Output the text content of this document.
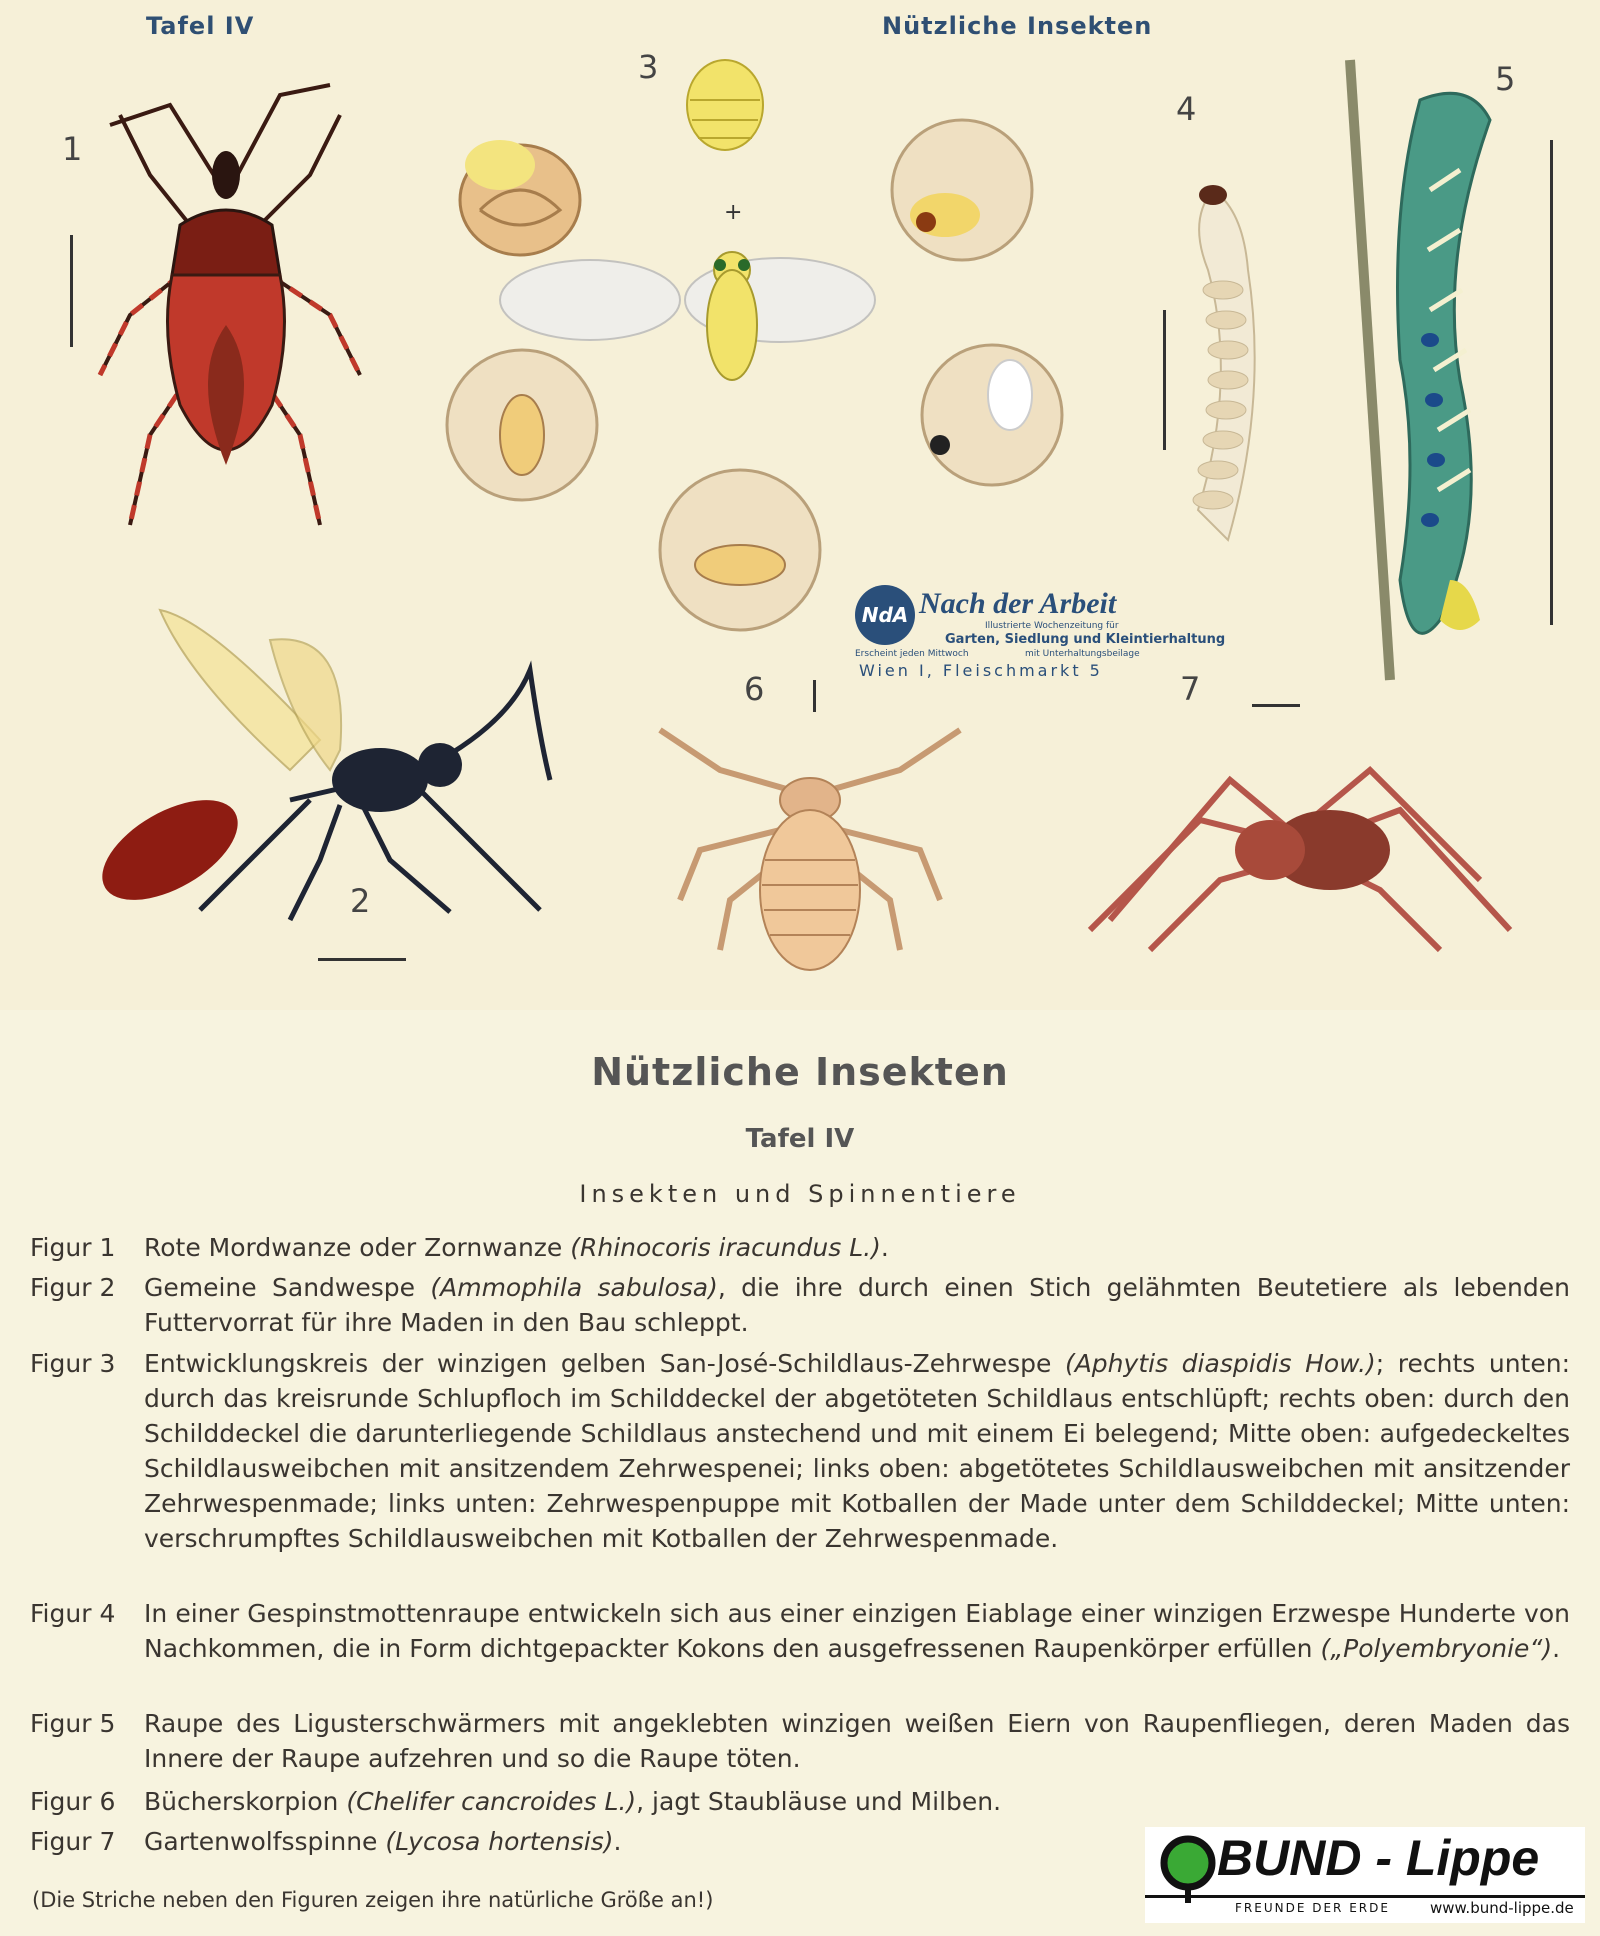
Tafel IV	Nützliche Insekten
1
2
3
4
5
6	7
+
NdA Nach der Arbeit
Illustrierte Wochenzeitung für
Garten, Siedlung und Kleintierhaltung
Erscheint jeden Mittwoch	mit Unterhaltungsbeilage
Wien I, Fleischmarkt 5
Nützliche Insekten
Tafel IV
Insekten und Spinnentiere
Figur 1 Rote Mordwanze oder Zornwanze (Rhinocoris iracundus L.).
Figur 2 Gemeine Sandwespe (Ammophila sabulosa), die ihre durch einen Stich gelähmten Beutetiere als lebenden Futtervorrat für ihre Maden in den Bau schleppt.
Figur 3 Entwicklungskreis der winzigen gelben San-José-Schildlaus-Zehrwespe (Aphytis diaspidis How.); rechts unten: durch das kreisrunde Schlupfloch im Schilddeckel der abgetöteten Schildlaus entschlüpft; rechts oben: durch den Schilddeckel die darunterliegende Schildlaus anstechend und mit einem Ei belegend; Mitte oben: aufgedeckeltes Schildlausweibchen mit ansitzendem Zehrwespenei; links oben: abgetötetes Schildlausweibchen mit ansitzender Zehrwespenmade; links unten: Zehrwespenpuppe mit Kotballen der Made unter dem Schilddeckel; Mitte unten: verschrumpftes Schildlausweibchen mit Kotballen der Zehrwespenmade.
Figur 4 In einer Gespinstmottenraupe entwickeln sich aus einer einzigen Eiablage einer winzigen Erzwespe Hunderte von Nachkommen, die in Form dichtgepackter Kokons den ausgefressenen Raupenkörper erfüllen („Polyembryonie“).
Figur 5 Raupe des Ligusterschwärmers mit angeklebten winzigen weißen Eiern von Raupenfliegen, deren Maden das Innere der Raupe aufzehren und so die Raupe töten.
Figur 6 Bücherskorpion (Chelifer cancroides L.), jagt Staubläuse und Milben.
Figur 7 Gartenwolfsspinne (Lycosa hortensis).
(Die Striche neben den Figuren zeigen ihre natürliche Größe an!)
BUND - Lippe
FREUNDE DER ERDE	www.bund-lippe.de
